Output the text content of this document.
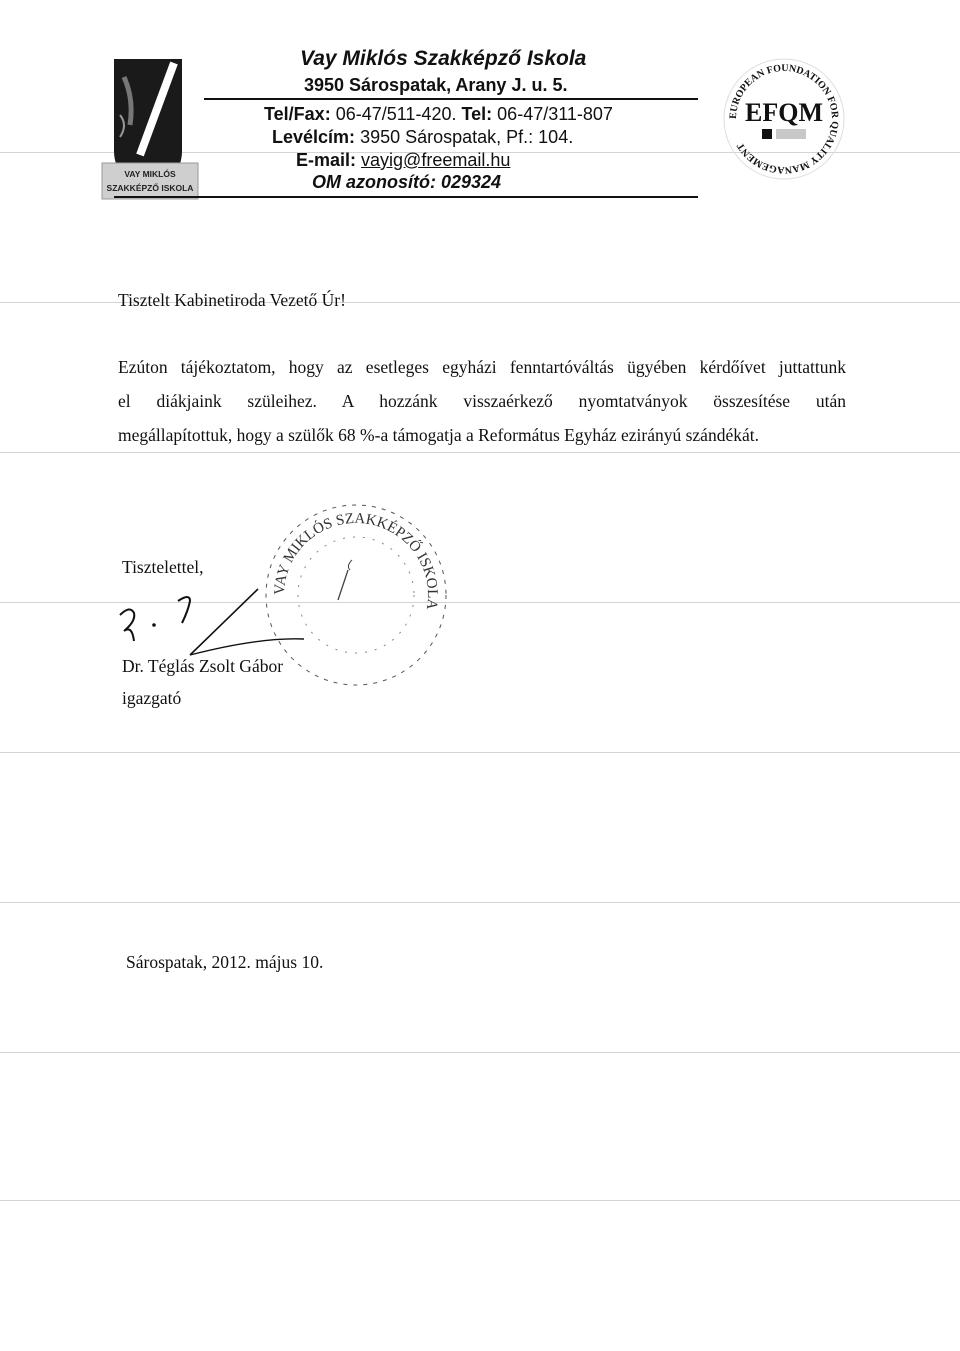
VAY MIKLÓS
SZAKKÉPZŐ ISKOLA
Vay Miklós Szakképző Iskola
3950 Sárospatak, Arany J. u. 5.
Tel/Fax: 06-47/511-420. Tel: 06-47/311-807
Levélcím: 3950 Sárospatak, Pf.: 104.
E-mail: vayig@freemail.hu
OM azonosító: 029324
EUROPEAN FOUNDATION FOR QUALITY MANAGEMENT
EFQM
Tisztelt Kabinetiroda Vezető Úr!
Ezúton tájékoztatom, hogy az esetleges egyházi fenntartóváltás ügyében kérdőívet juttattunk
el diákjaink szüleihez. A hozzánk visszaérkező nyomtatványok összesítése után
megállapítottuk, hogy a szülők 68 %-a támogatja a Református Egyház ezirányú szándékát.
Tisztelettel,
VAY MIKLÓS SZAKKÉPZŐ ISKOLA
Dr. Téglás Zsolt Gábor
igazgató
Sárospatak, 2012. május 10.
